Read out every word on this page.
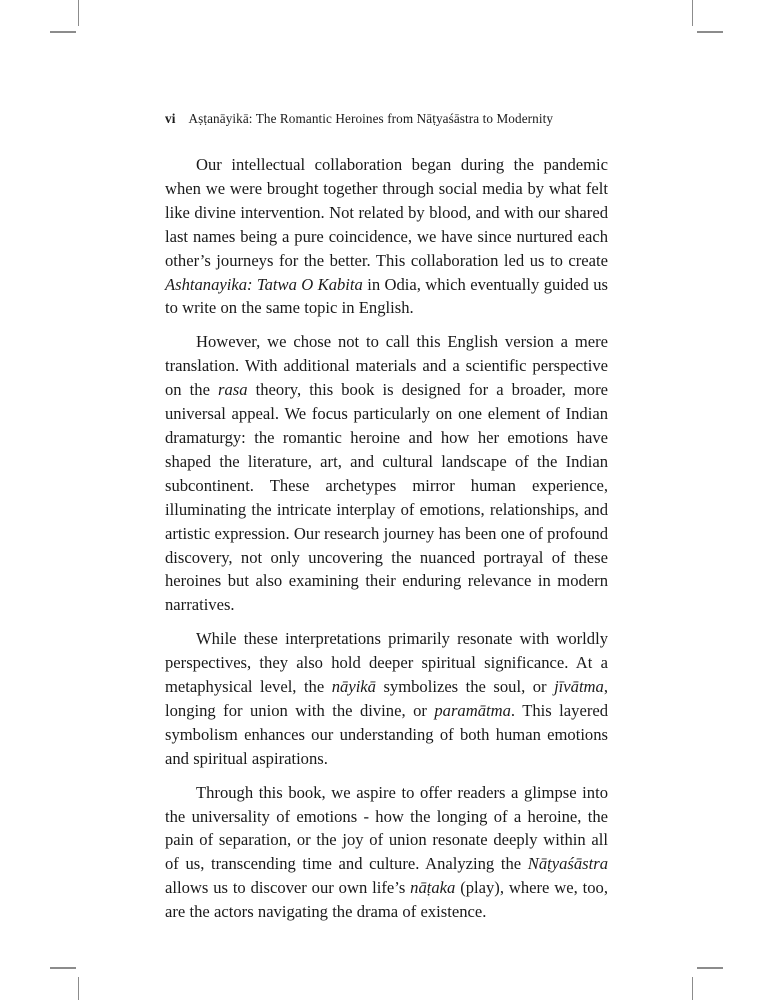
vi Aṣṭanāyikā: The Romantic Heroines from Nāṭyaśāstra to Modernity

Our intellectual collaboration began during the pandemic when we were brought together through social media by what felt like divine intervention. Not related by blood, and with our shared last names being a pure coincidence, we have since nurtured each other’s journeys for the better. This collaboration led us to create Ashtanayika: Tatwa O Kabita in Odia, which eventually guided us to write on the same topic in English.

However, we chose not to call this English version a mere translation. With additional materials and a scientific perspective on the rasa theory, this book is designed for a broader, more universal appeal. We focus particularly on one element of Indian dramaturgy: the romantic heroine and how her emotions have shaped the literature, art, and cultural landscape of the Indian subcontinent. These archetypes mirror human experience, illuminating the intricate interplay of emotions, relationships, and artistic expression. Our research journey has been one of profound discovery, not only uncovering the nuanced portrayal of these heroines but also examining their enduring relevance in modern narratives.

While these interpretations primarily resonate with worldly perspectives, they also hold deeper spiritual significance. At a metaphysical level, the nāyikā symbolizes the soul, or jīvātma, longing for union with the divine, or paramātma. This layered symbolism enhances our understanding of both human emotions and spiritual aspirations.

Through this book, we aspire to offer readers a glimpse into the universality of emotions - how the longing of a heroine, the pain of separation, or the joy of union resonate deeply within all of us, transcending time and culture. Analyzing the Nāṭyaśāstra allows us to discover our own life’s nāṭaka (play), where we, too, are the actors navigating the drama of existence.
